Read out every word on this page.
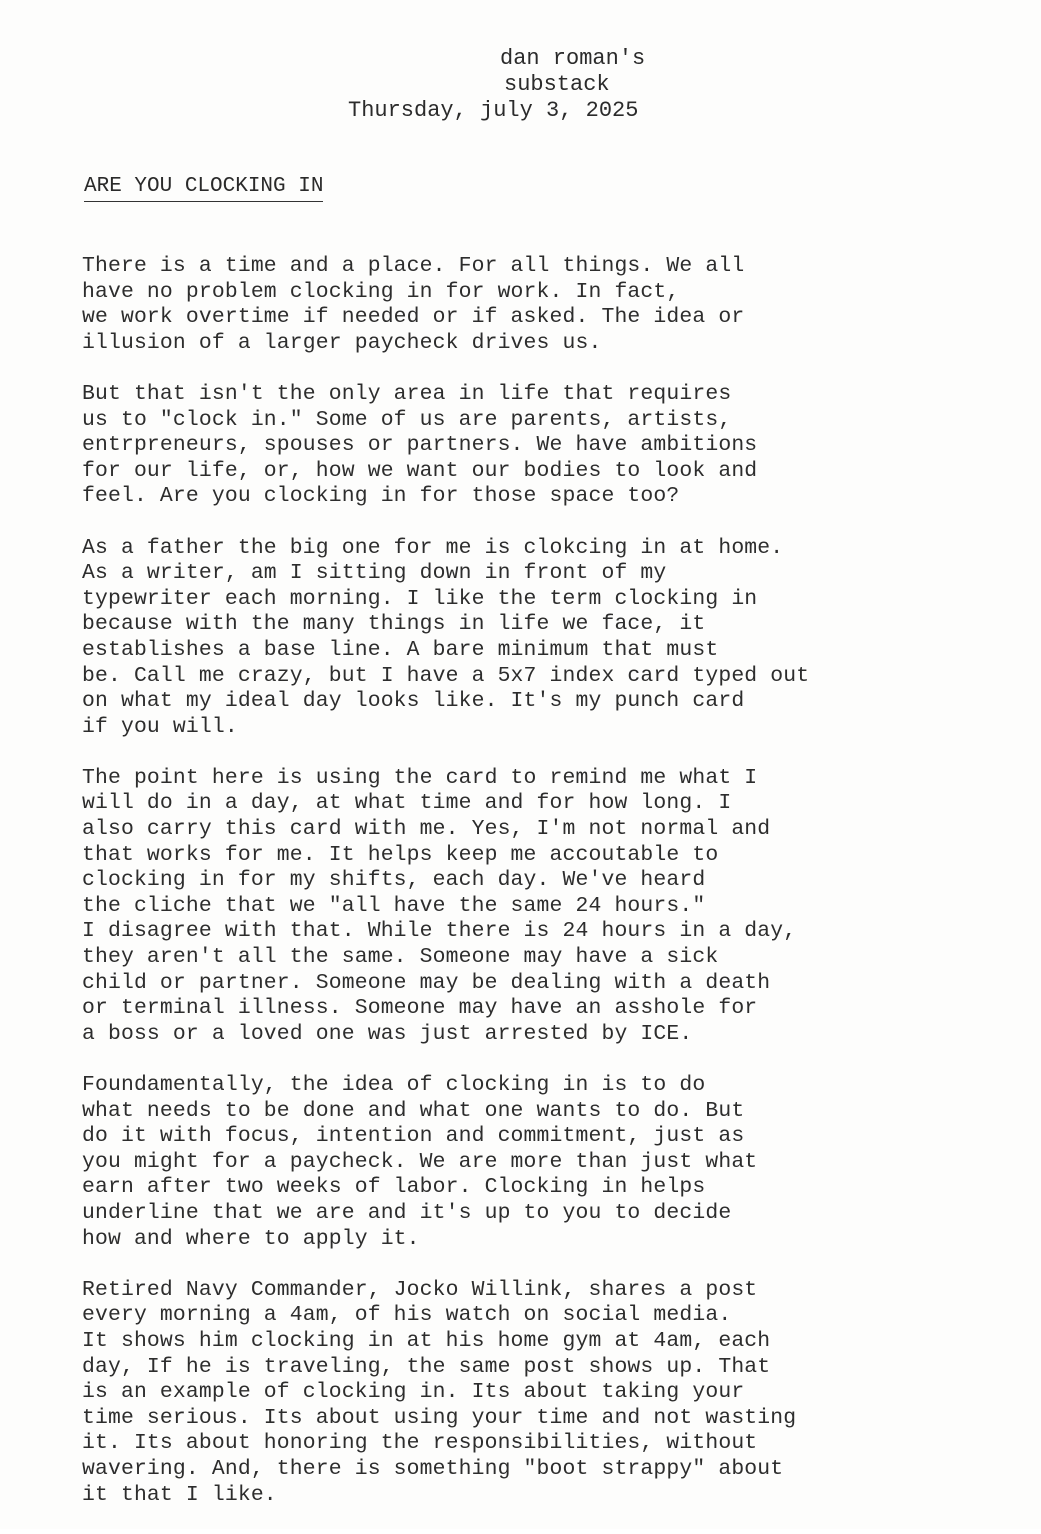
dan roman's
substack
Thursday, july 3, 2025
ARE YOU CLOCKING IN
There is a time and a place. For all things. We all
have no problem clocking in for work. In fact,
we work overtime if needed or if asked. The idea or
illusion of a larger paycheck drives us.
But that isn't the only area in life that requires
us to "clock in." Some of us are parents, artists,
entrpreneurs, spouses or partners. We have ambitions
for our life, or, how we want our bodies to look and
feel. Are you clocking in for those space too?
As a father the big one for me is clokcing in at home.
As a writer, am I sitting down in front of my
typewriter each morning. I like the term clocking in
because with the many things in life we face, it
establishes a base line. A bare minimum that must
be. Call me crazy, but I have a 5x7 index card typed out
on what my ideal day looks like. It's my punch card
if you will.
The point here is using the card to remind me what I
will do in a day, at what time and for how long. I
also carry this card with me. Yes, I'm not normal and
that works for me. It helps keep me accoutable to
clocking in for my shifts, each day. We've heard
the cliche that we "all have the same 24 hours."
I disagree with that. While there is 24 hours in a day,
they aren't all the same. Someone may have a sick
child or partner. Someone may be dealing with a death
or terminal illness. Someone may have an asshole for
a boss or a loved one was just arrested by ICE.
Foundamentally, the idea of clocking in is to do
what needs to be done and what one wants to do. But
do it with focus, intention and commitment, just as
you might for a paycheck. We are more than just what
earn after two weeks of labor. Clocking in helps
underline that we are and it's up to you to decide
how and where to apply it.
Retired Navy Commander, Jocko Willink, shares a post
every morning a 4am, of his watch on social media.
It shows him clocking in at his home gym at 4am, each
day, If he is traveling, the same post shows up. That
is an example of clocking in. Its about taking your
time serious. Its about using your time and not wasting
it. Its about honoring the responsibilities, without
wavering. And, there is something "boot strappy" about
it that I like.
